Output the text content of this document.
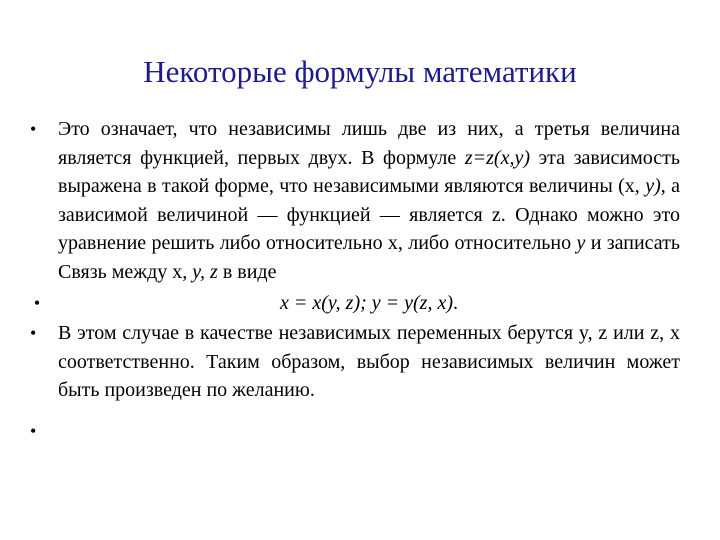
Некоторые формулы математики
•	Это означает, что независимы лишь две из них, а третья величина является функцией, первых двух. В формуле z=z(x,y) эта зависимость выражена в такой форме, что независимыми являются величины (x, y), а зависимой величиной — функцией — является z. Однако можно это уравнение решить либо относительно x, либо относительно y и записать Связь между x, y, z в виде
•	x = x(y, z); y = y(z, x).
•	В этом случае в качестве независимых переменных берутся y, z или z, x соответственно. Таким образом, выбор независимых величин может быть произведен по желанию.
•
